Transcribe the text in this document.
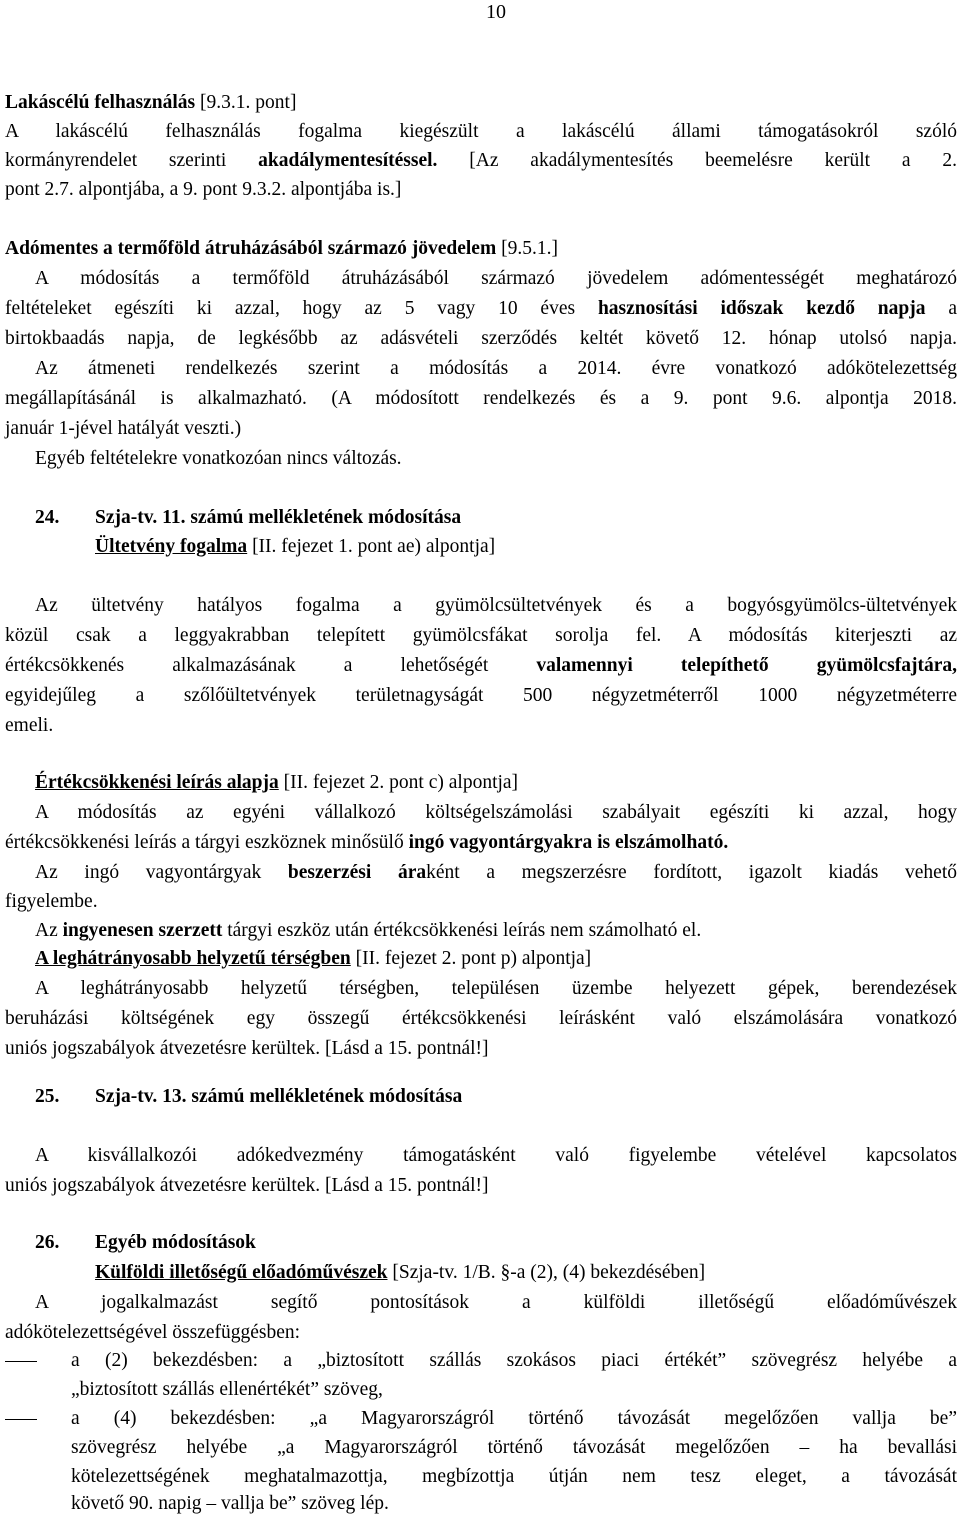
10
Lakáscélú felhasználás [9.3.1. pont]
A lakáscélú felhasználás fogalma kiegészült a lakáscélú állami támogatásokról szóló
kormányrendelet szerinti akadálymentesítéssel. [Az akadálymentesítés beemelésre került a 2.
pont 2.7. alpontjába, a 9. pont 9.3.2. alpontjába is.]
Adómentes a termőföld átruházásából származó jövedelem [9.5.1.]
A módosítás a termőföld átruházásából származó jövedelem adómentességét meghatározó
feltételeket egészíti ki azzal, hogy az 5 vagy 10 éves hasznosítási időszak kezdő napja a
birtokbaadás napja, de legkésőbb az adásvételi szerződés keltét követő 12. hónap utolsó napja.
Az átmeneti rendelkezés szerint a módosítás a 2014. évre vonatkozó adókötelezettség
megállapításánál is alkalmazható. (A módosított rendelkezés és a 9. pont 9.6. alpontja 2018.
január 1-jével hatályát veszti.)
Egyéb feltételekre vonatkozóan nincs változás.
24. Szja-tv. 11. számú mellékletének módosítása
Ültetvény fogalma [II. fejezet 1. pont ae) alpontja]
Az ültetvény hatályos fogalma a gyümölcsültetvények és a bogyósgyümölcs-ültetvények
közül csak a leggyakrabban telepített gyümölcsfákat sorolja fel. A módosítás kiterjeszti az
értékcsökkenés alkalmazásának a lehetőségét valamennyi telepíthető gyümölcsfajtára,
egyidejűleg a szőlőültetvények területnagyságát 500 négyzetméterről 1000 négyzetméterre
emeli.
Értékcsökkenési leírás alapja [II. fejezet 2. pont c) alpontja]
A módosítás az egyéni vállalkozó költségelszámolási szabályait egészíti ki azzal, hogy
értékcsökkenési leírás a tárgyi eszköznek minősülő ingó vagyontárgyakra is elszámolható.
Az ingó vagyontárgyak beszerzési áraként a megszerzésre fordított, igazolt kiadás vehető
figyelembe.
Az ingyenesen szerzett tárgyi eszköz után értékcsökkenési leírás nem számolható el.
A leghátrányosabb helyzetű térségben [II. fejezet 2. pont p) alpontja]
A leghátrányosabb helyzetű térségben, településen üzembe helyezett gépek, berendezések
beruházási költségének egy összegű értékcsökkenési leírásként való elszámolására vonatkozó
uniós jogszabályok átvezetésre kerültek. [Lásd a 15. pontnál!]
25. Szja-tv. 13. számú mellékletének módosítása
A kisvállalkozói adókedvezmény támogatásként való figyelembe vételével kapcsolatos
uniós jogszabályok átvezetésre kerültek. [Lásd a 15. pontnál!]
26. Egyéb módosítások
Külföldi illetőségű előadóművészek [Szja-tv. 1/B. §-a (2), (4) bekezdésében]
A jogalkalmazást segítő pontosítások a külföldi illetőségű előadóművészek
adókötelezettségével összefüggésben:
a (2) bekezdésben: a „biztosított szállás szokásos piaci értékét” szövegrész helyébe a
„biztosított szállás ellenértékét” szöveg,
a (4) bekezdésben: „a Magyarországról történő távozását megelőzően vallja be”
szövegrész helyébe „a Magyarországról történő távozását megelőzően – ha bevallási
kötelezettségének meghatalmazottja, megbízottja útján nem tesz eleget, a távozását
követő 90. napig – vallja be” szöveg lép.
